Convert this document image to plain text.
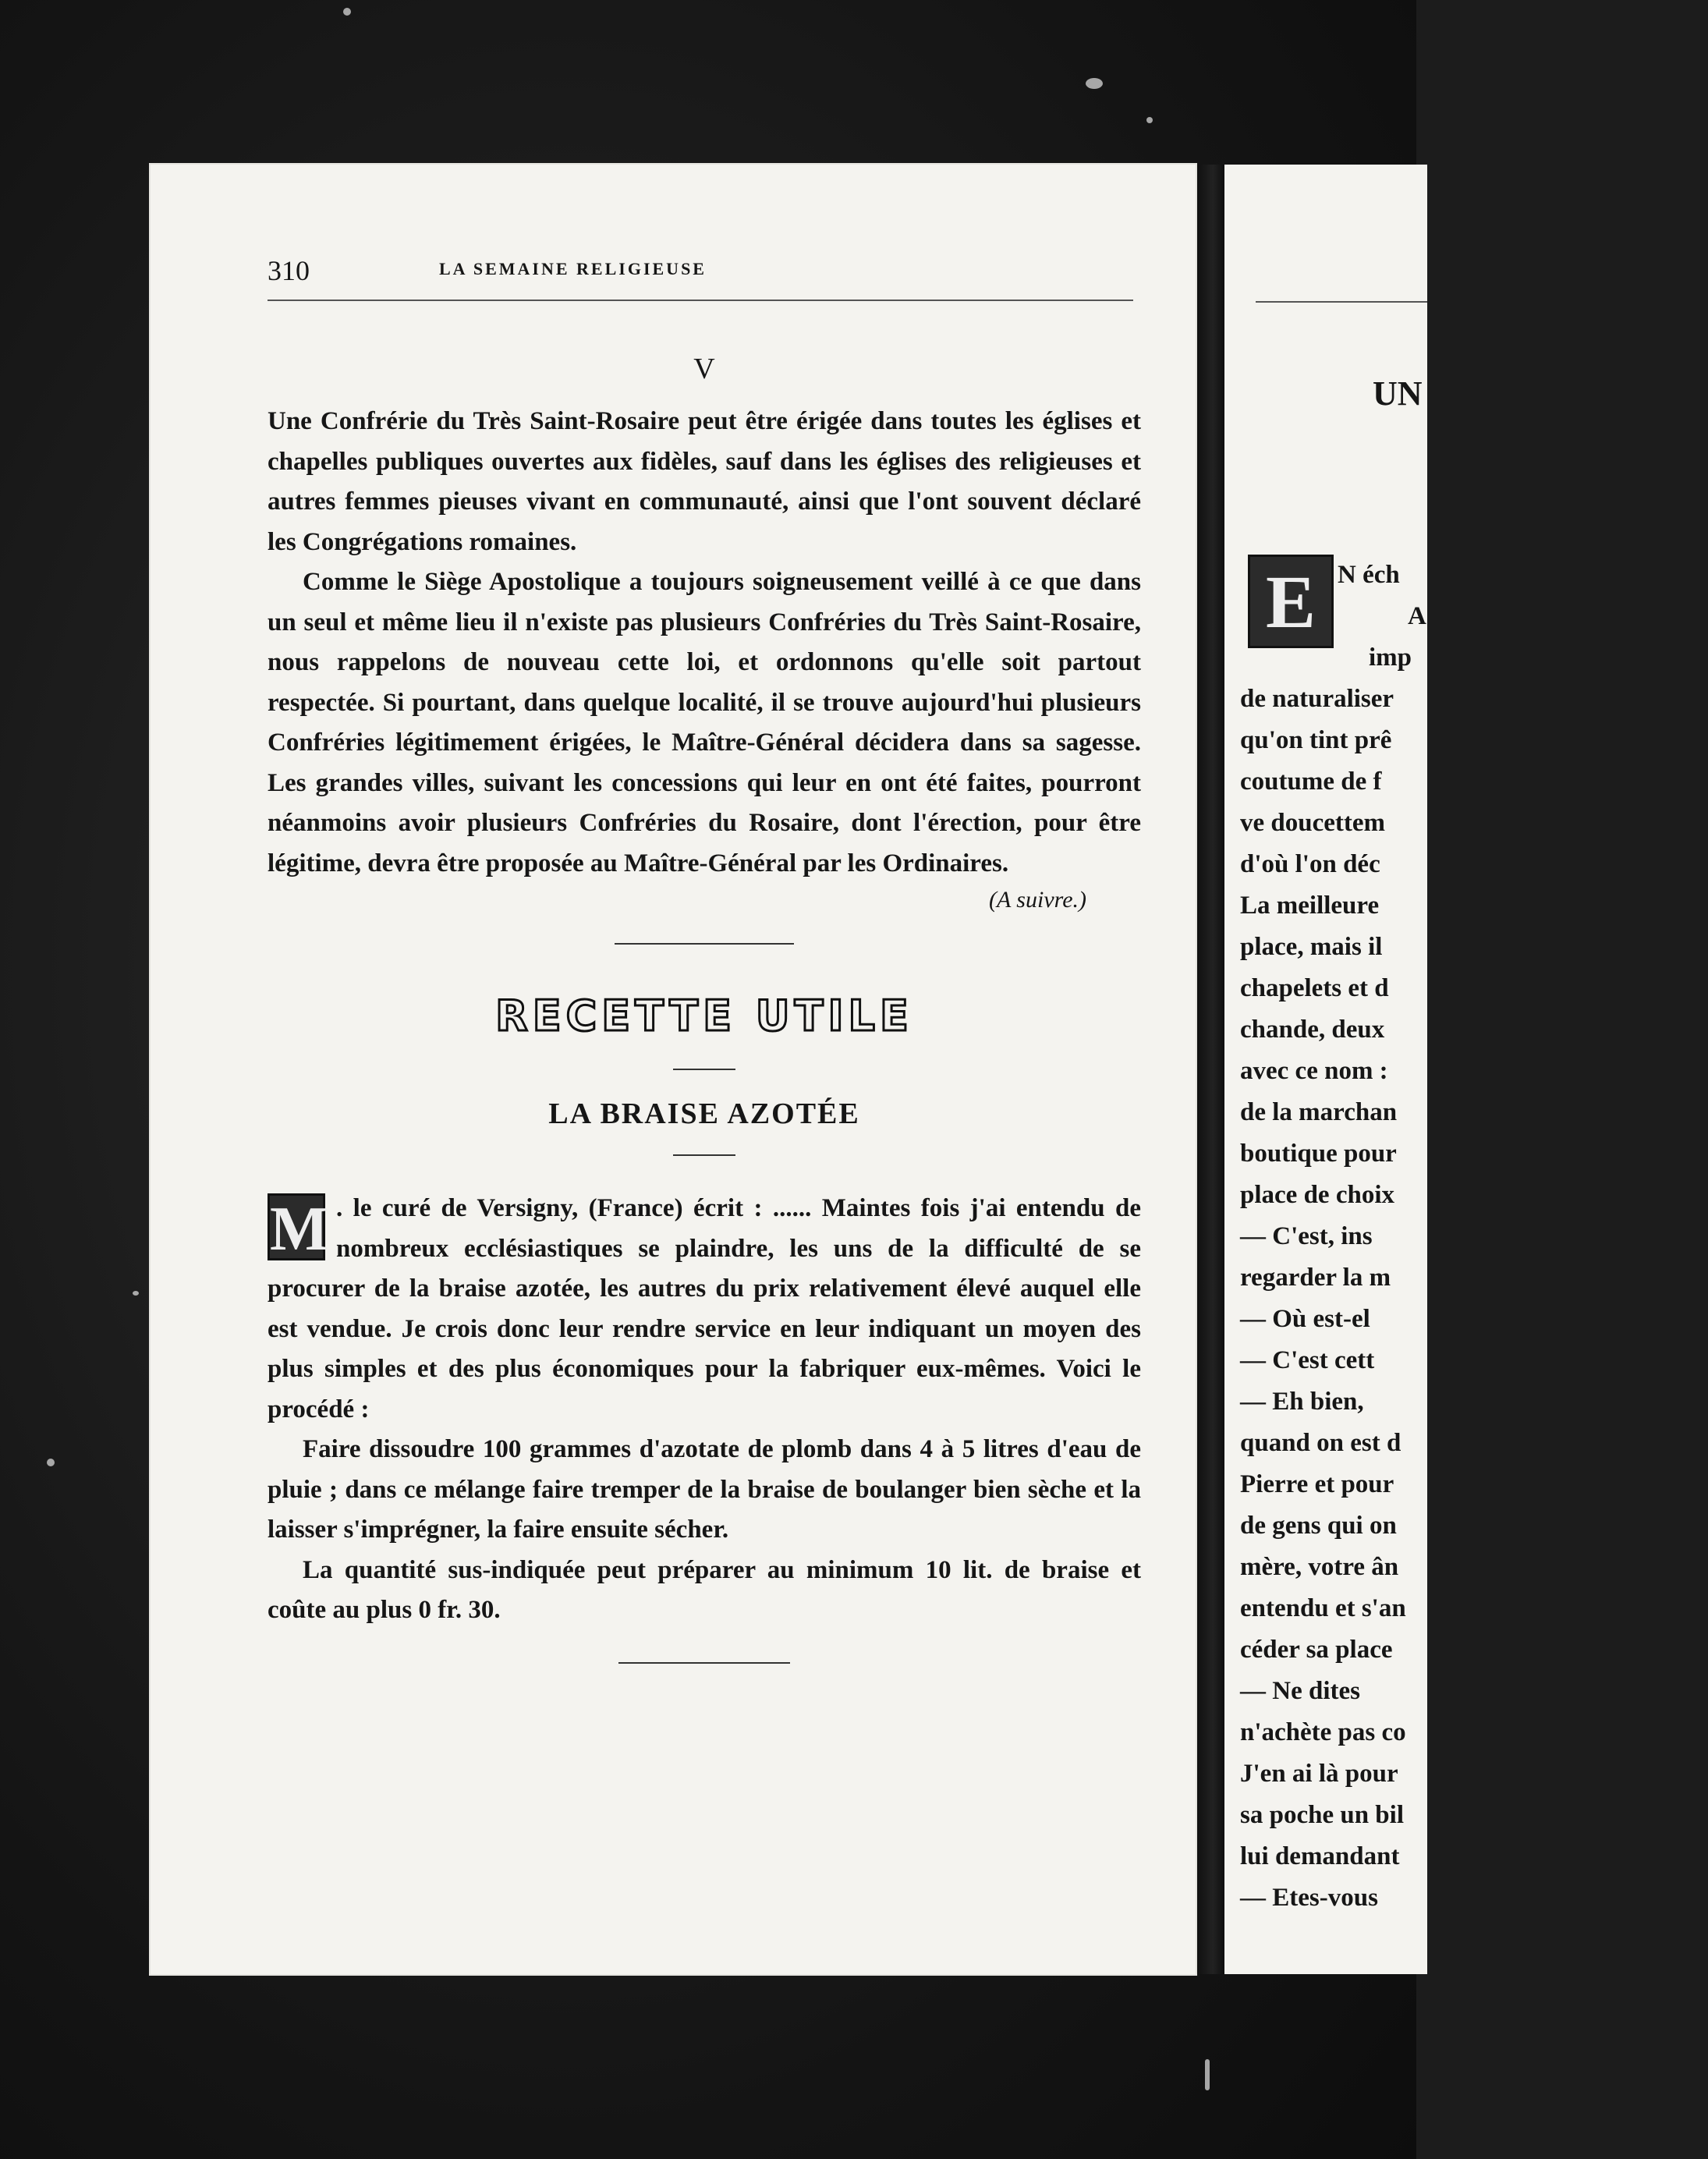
310	LA SEMAINE RELIGIEUSE
V

Une Confrérie du Très Saint-Rosaire peut être érigée dans toutes les églises et chapelles publiques ouvertes aux fidèles, sauf dans les églises des religieuses et autres femmes pieuses vivant en communauté, ainsi que l'ont souvent déclaré les Congrégations romaines.

Comme le Siège Apostolique a toujours soigneusement veillé à ce que dans un seul et même lieu il n'existe pas plusieurs Confréries du Très Saint-Rosaire, nous rappelons de nouveau cette loi, et ordonnons qu'elle soit partout respectée. Si pourtant, dans quelque localité, il se trouve aujourd'hui plusieurs Confréries légitimement érigées, le Maître-Général décidera dans sa sagesse. Les grandes villes, suivant les concessions qui leur en ont été faites, pourront néanmoins avoir plusieurs Confréries du Rosaire, dont l'érection, pour être légitime, devra être proposée au Maître-Général par les Ordinaires.

(A suivre.)
RECETTE UTILE
LA BRAISE AZOTÉE
M . le curé de Versigny, (France) écrit : ...... Maintes fois j'ai entendu de nombreux ecclésiastiques se plaindre, les uns de la difficulté de se procurer de la braise azotée, les autres du prix relativement élevé auquel elle est vendue. Je crois donc leur rendre service en leur indiquant un moyen des plus simples et des plus économiques pour la fabriquer eux-mêmes. Voici le procédé :

Faire dissoudre 100 grammes d'azotate de plomb dans 4 à 5 litres d'eau de pluie ; dans ce mélange faire tremper de la braise de boulanger bien sèche et la laisser s'imprégner, la faire ensuite sécher.

La quantité sus-indiquée peut préparer au minimum 10 lit. de braise et coûte au plus 0 fr. 30.

UN
E N éch
A
imp
de naturaliser
qu'on tint prê
coutume de f
ve doucettem
d'où l'on déc
La meilleure
place, mais il
chapelets et d
chande, deux
avec ce nom :
de la marchan
boutique pour
place de choix
— C'est, ins
regarder la m
— Où est-el
— C'est cett
— Eh bien,
quand on est d
Pierre et pour
de gens qui on
mère, votre ân
entendu et s'an
céder sa place
— Ne dites
n'achète pas co
J'en ai là pour
sa poche un bil
lui demandant
— Etes-vous
